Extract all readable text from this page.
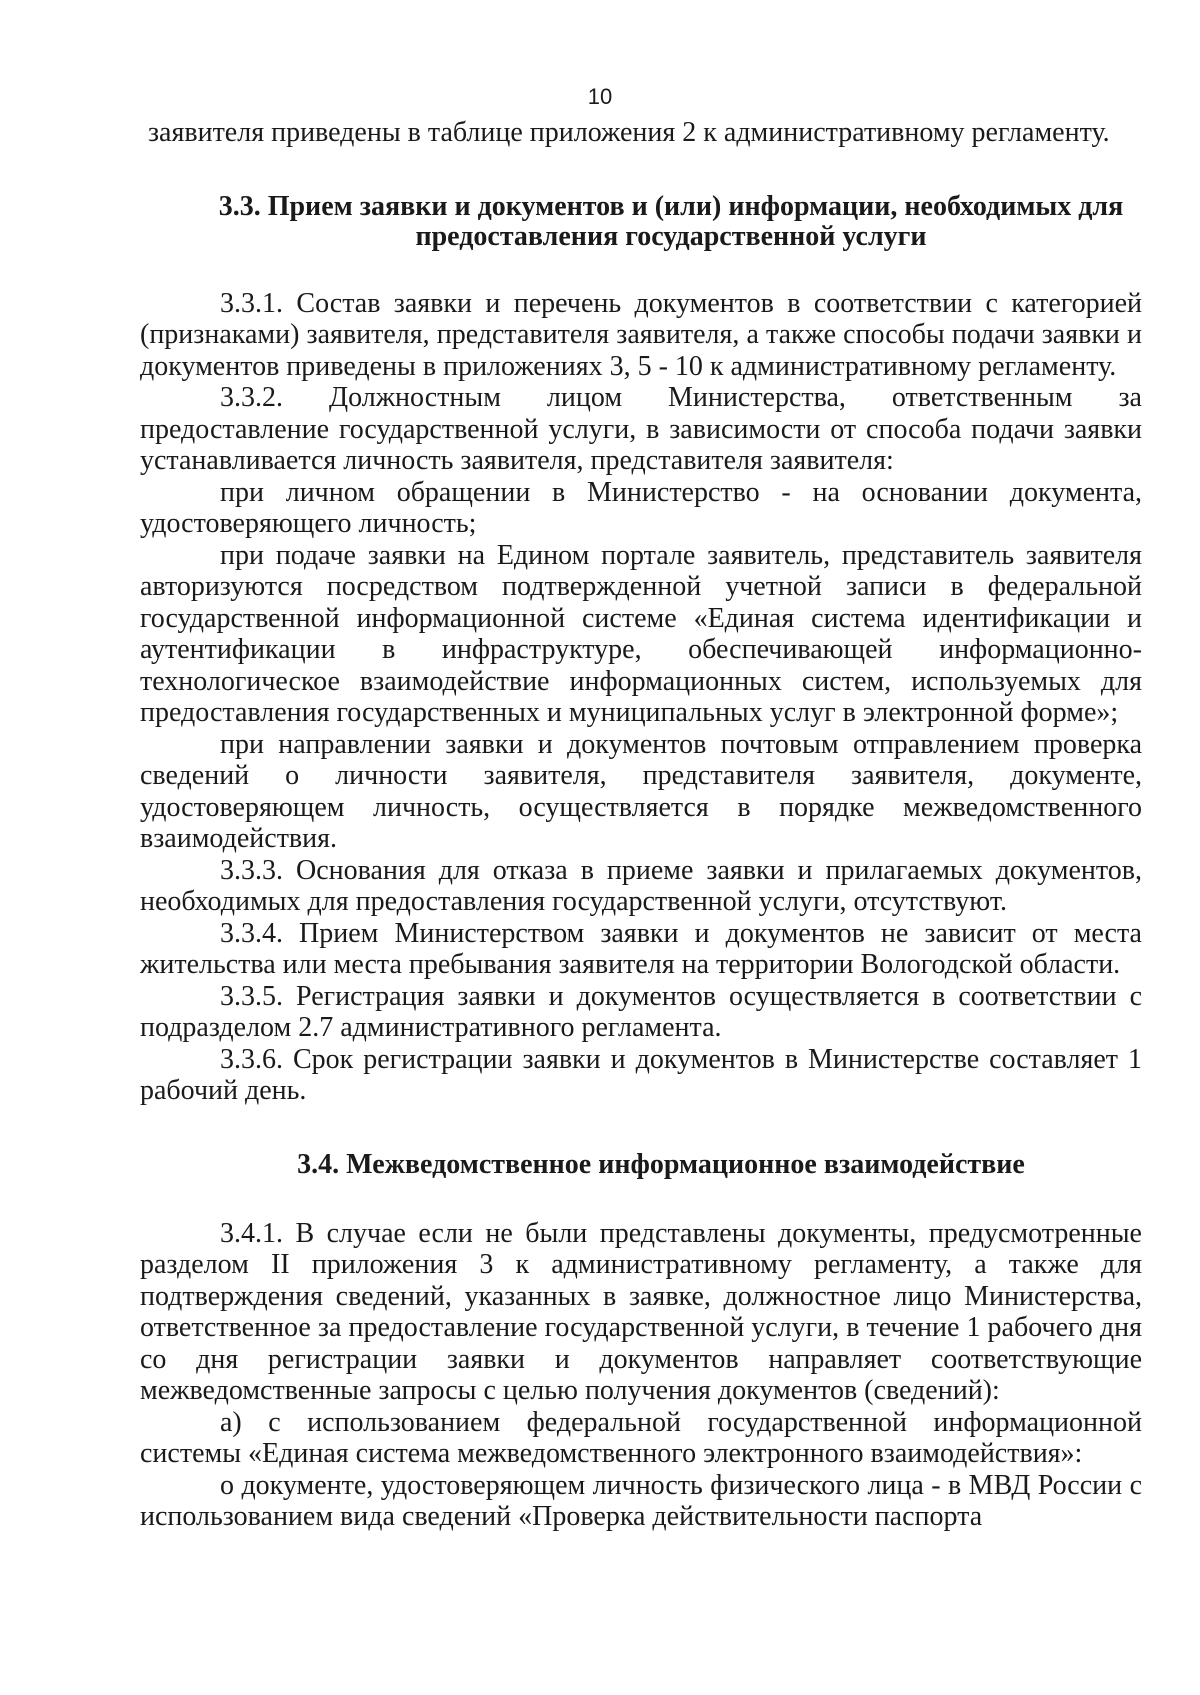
10

заявителя приведены в таблице приложения 2 к административному регламенту.

3.3. Прием заявки и документов и (или) информации, необходимых для предоставления государственной услуги

3.3.1. Состав заявки и перечень документов в соответствии с категорией (признаками) заявителя, представителя заявителя, а также способы подачи заявки и документов приведены в приложениях 3, 5 - 10 к административному регламенту.

3.3.2. Должностным лицом Министерства, ответственным за предоставление государственной услуги, в зависимости от способа подачи заявки устанавливается личность заявителя, представителя заявителя:

при личном обращении в Министерство - на основании документа, удостоверяющего личность;

при подаче заявки на Едином портале заявитель, представитель заявителя авторизуются посредством подтвержденной учетной записи в федеральной государственной информационной системе «Единая система идентификации и аутентификации в инфраструктуре, обеспечивающей информационно-технологическое взаимодействие информационных систем, используемых для предоставления государственных и муниципальных услуг в электронной форме»;

при направлении заявки и документов почтовым отправлением проверка сведений о личности заявителя, представителя заявителя, документе, удостоверяющем личность, осуществляется в порядке межведомственного взаимодействия.

3.3.3. Основания для отказа в приеме заявки и прилагаемых документов, необходимых для предоставления государственной услуги, отсутствуют.

3.3.4. Прием Министерством заявки и документов не зависит от места жительства или места пребывания заявителя на территории Вологодской области.

3.3.5. Регистрация заявки и документов осуществляется в соответствии с подразделом 2.7 административного регламента.

3.3.6. Срок регистрации заявки и документов в Министерстве составляет 1 рабочий день.

3.4. Межведомственное информационное взаимодействие

3.4.1. В случае если не были представлены документы, предусмотренные разделом II приложения 3 к административному регламенту, а также для подтверждения сведений, указанных в заявке, должностное лицо Министерства, ответственное за предоставление государственной услуги, в течение 1 рабочего дня со дня регистрации заявки и документов направляет соответствующие межведомственные запросы с целью получения документов (сведений):

а) с использованием федеральной государственной информационной системы «Единая система межведомственного электронного взаимодействия»:

о документе, удостоверяющем личность физического лица - в МВД России с использованием вида сведений «Проверка действительности паспорта
